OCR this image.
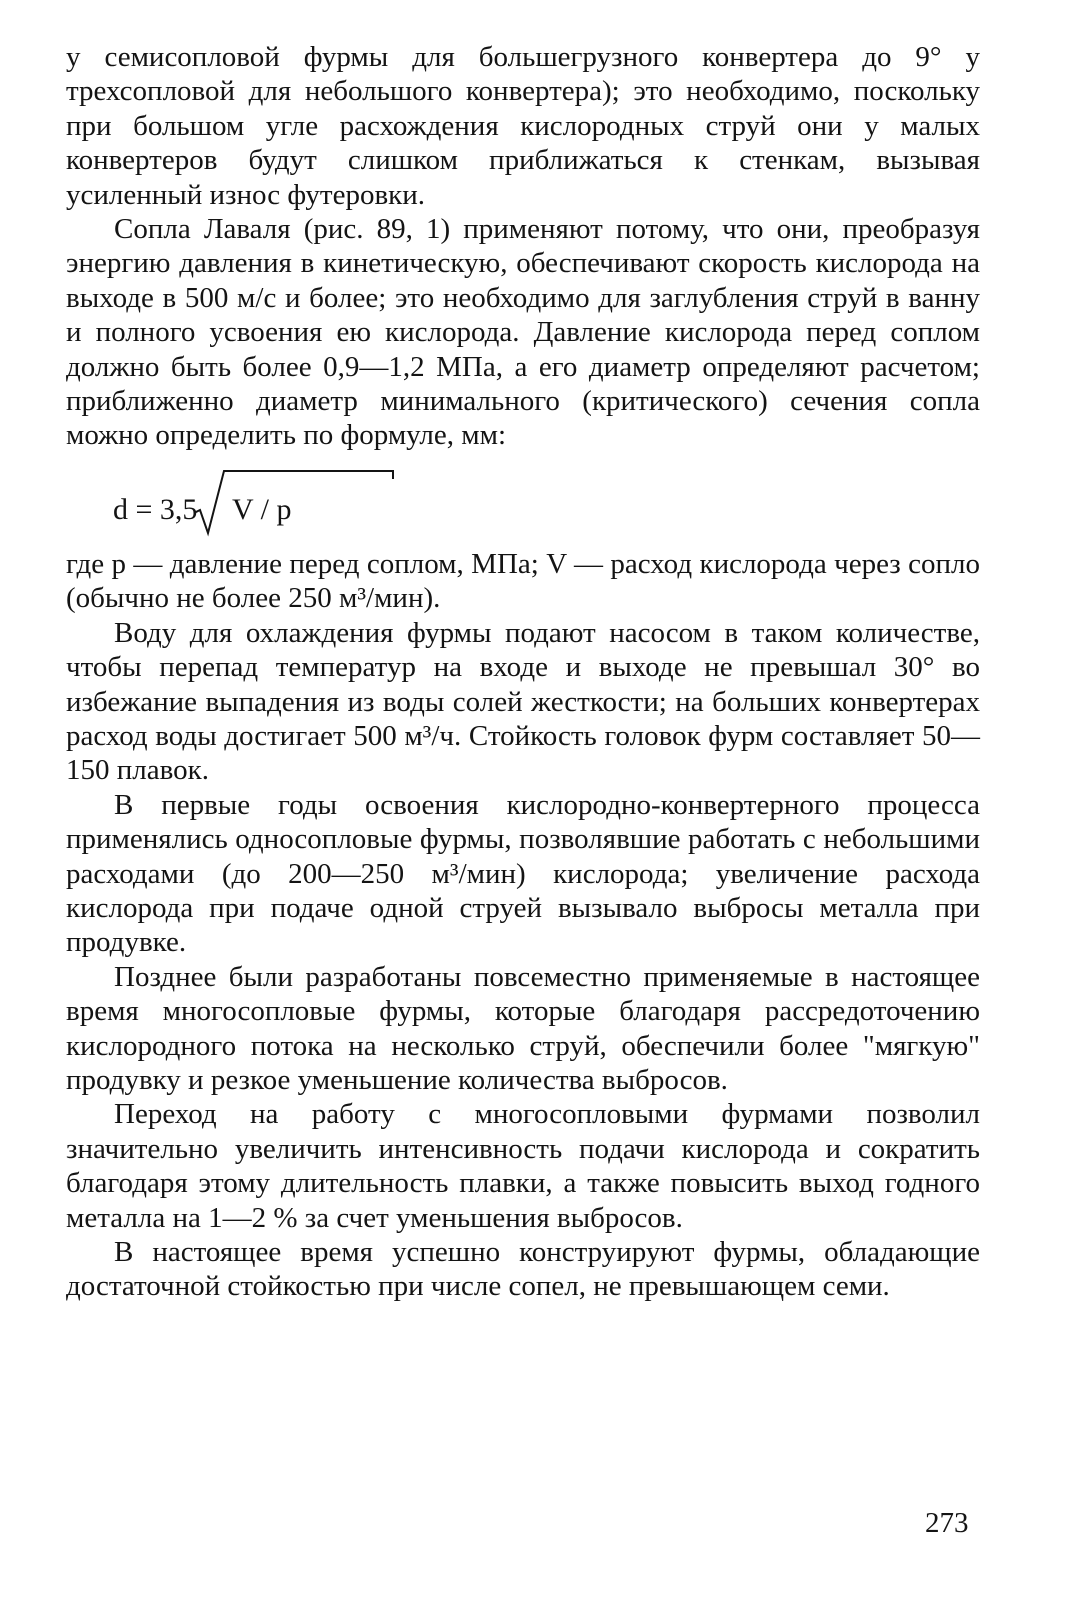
у семисопловой фурмы для большегрузного конвертера до 9° у трехсопловой для небольшого конвертера); это необходимо, поскольку при большом угле расхождения кислородных струй они у малых конвертеров будут слишком приближаться к стенкам, вызывая усиленный износ футеровки.

Сопла Лаваля (рис. 89, 1) применяют потому, что они, преобразуя энергию давления в кинетическую, обеспечивают скорость кислорода на выходе в 500 м/с и более; это необходимо для заглубления струй в ванну и полного усвоения ею кислорода. Давление кислорода перед соплом должно быть более 0,9—1,2 МПа, а его диаметр определяют расчетом; приближенно диаметр минимального (критического) сечения сопла можно определить по формуле, мм:

d = 3,5 V / p

где p — давление перед соплом, МПа; V — расход кислорода через сопло (обычно не более 250 м³/мин).

Воду для охлаждения фурмы подают насосом в таком количестве, чтобы перепад температур на входе и выходе не превышал 30° во избежание выпадения из воды солей жесткости; на больших конвертерах расход воды достигает 500 м³/ч. Стойкость головок фурм составляет 50—150 плавок.

В первые годы освоения кислородно-конвертерного процесса применялись односопловые фурмы, позволявшие работать с небольшими расходами (до 200—250 м³/мин) кислорода; увеличение расхода кислорода при подаче одной струей вызывало выбросы металла при продувке.

Позднее были разработаны повсеместно применяемые в настоящее время многосопловые фурмы, которые благодаря рассредоточению кислородного потока на несколько струй, обеспечили более "мягкую" продувку и резкое уменьшение количества выбросов.

Переход на работу с многосопловыми фурмами позволил значительно увеличить интенсивность подачи кислорода и сократить благодаря этому длительность плавки, а также повысить выход годного металла на 1—2 % за счет уменьшения выбросов.

В настоящее время успешно конструируют фурмы, обладающие достаточной стойкостью при числе сопел, не превышающем семи.

273
